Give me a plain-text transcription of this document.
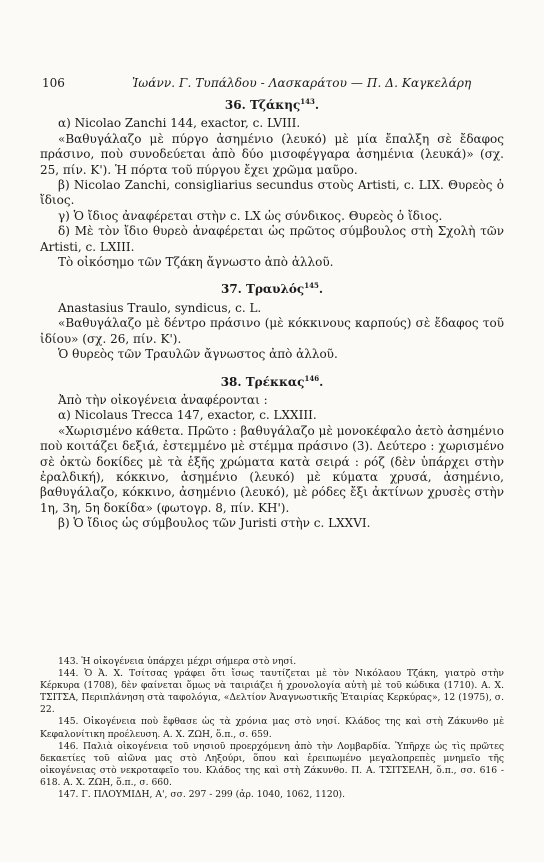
106	Ἰωάνν. Γ. Τυπάλδου - Λασκαράτου — Π. Δ. Καγκελάρη

36. Τζάκης$^{143}$.

α) Nicolao Zanchi 144, exactor, c. LVIII.

«Βαθυγάλαζο μὲ πύργο ἀσημένιο (λευκό) μὲ μία ἔπαλξη σὲ ἔδαφος πράσινο, ποὺ συνοδεύεται ἀπὸ δύο μισοφέγγαρα ἀσημένια (λευκά)» (σχ. 25, πίν. Κ'). Ἡ πόρτα τοῦ πύργου ἔχει χρῶμα μαῦρο.

β) Nicolao Zanchi, consigliarius secundus στοὺς Artisti, c. LIX. Θυρεὸς ὁ ἴδιος.

γ) Ὁ ἴδιος ἀναφέρεται στὴν c. LX ὡς σύνδικος. Θυρεὸς ὁ ἴδιος.

δ) Μὲ τὸν ἴδιο θυρεὸ ἀναφέρεται ὡς πρῶτος σύμβουλος στὴ Σχολὴ τῶν Artisti, c. LXIII.

Τὸ οἰκόσημο τῶν Τζάκη ἄγνωστο ἀπὸ ἀλλοῦ.

37. Τραυλός$^{145}$.

Anastasius Traulo, syndicus, c. L.

«Βαθυγάλαζο μὲ δέντρο πράσινο (μὲ κόκκινους καρπούς) σὲ ἔδαφος τοῦ ἰδίου» (σχ. 26, πίν. Κ').

Ὁ θυρεὸς τῶν Τραυλῶν ἄγνωστος ἀπὸ ἀλλοῦ.

38. Τρέκκας$^{146}$.

Ἀπὸ τὴν οἰκογένεια ἀναφέρονται :

α) Nicolaus Trecca 147, exactor, c. LXXIII.

«Χωρισμένο κάθετα. Πρῶτο : βαθυγάλαζο μὲ μονοκέφαλο ἀετὸ ἀσημένιο ποὺ κοιτάζει δεξιά, ἐστεμμένο μὲ στέμμα πράσινο (3). Δεύτερο : χωρισμένο σὲ ὀκτὼ δοκίδες μὲ τὰ ἑξῆς χρώματα κατὰ σειρά : ρόζ (δὲν ὑπάρχει στὴν ἐραλδική), κόκκινο, ἀσημένιο (λευκό) μὲ κύματα χρυσά, ἀσημένιο, βαθυγάλαζο, κόκκινο, ἀσημένιο (λευκό), μὲ ρόδες ἔξι ἀκτίνων χρυσὲς στὴν 1η, 3η, 5η δοκίδα» (φωτογρ. 8, πίν. ΚΗ').

β) Ὁ ἴδιος ὡς σύμβουλος τῶν Juristi στὴν c. LXXVI.

143. Ἡ οἰκογένεια ὑπάρχει μέχρι σήμερα στὸ νησί.

144. Ὁ Ἀ. Χ. Τσίτσας γράφει ὅτι ἴσως ταυτίζεται μὲ τὸν Νικόλαου Τζάκη, γιατρὸ στὴν Κέρκυρα (1708), δὲν φαίνεται ὅμως νὰ ταιριάζει ἡ χρονολογία αὐτὴ μὲ τοῦ κώδικα (1710). Α. Χ. ΤΣΙΤΣΑ, Περιπλάνηση στὰ ταφολόγια, «Δελτίον Ἀναγνωστικῆς Ἑταιρίας Κερκύρας», 12 (1975), σ. 22.

145. Οἰκογένεια ποὺ ἔφθασε ὡς τὰ χρόνια μας στὸ νησί. Κλάδος της καὶ στὴ Ζάκυνθο μὲ Κεφαλονίτικη προέλευση. Α. Χ. ΖΩΗ, ὅ.π., σ. 659.

146. Παλιὰ οἰκογένεια τοῦ νησιοῦ προερχόμενη ἀπὸ τὴν Λομβαρδία. Ὑπῆρχε ὡς τὶς πρῶτες δεκαετίες τοῦ αἰῶνα μας στὸ Ληξούρι, ὅπου καὶ ἐρειπωμένο μεγαλοπρεπὲς μνημεῖο τῆς οἰκογένειας στὸ νεκροταφεῖο του. Κλάδος της καὶ στὴ Ζάκυνθο. Π. Α. ΤΣΙΤΣΕΛΗ, ὅ.π., σσ. 616 - 618. Α. Χ. ΖΩΗ, ὅ.π., σ. 660.

147. Γ. ΠΛΟΥΜΙΔΗ, Α', σσ. 297 - 299 (ἀρ. 1040, 1062, 1120).
